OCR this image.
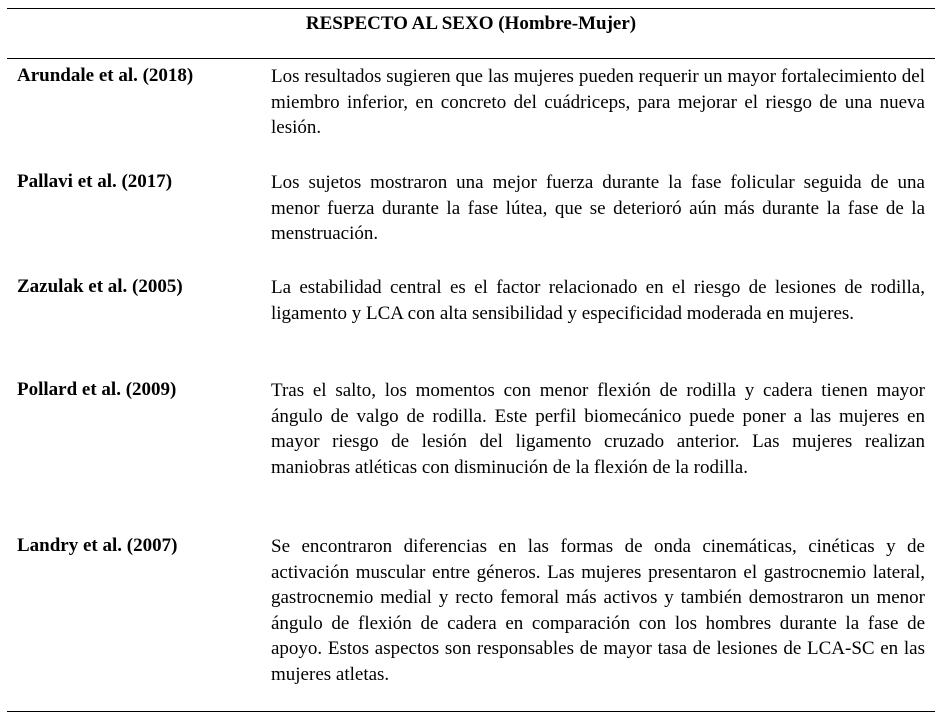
RESPECTO AL SEXO (Hombre-Mujer)
Arundale et al. (2018)	Los resultados sugieren que las mujeres pueden requerir un mayor fortalecimiento del miembro inferior, en concreto del cuádriceps, para mejorar el riesgo de una nueva lesión.

Pallavi et al. (2017)	Los sujetos mostraron una mejor fuerza durante la fase folicular seguida de una menor fuerza durante la fase lútea, que se deterioró aún más durante la fase de la menstruación.

Zazulak et al. (2005)	La estabilidad central es el factor relacionado en el riesgo de lesiones de rodilla, ligamento y LCA con alta sensibilidad y especificidad moderada en mujeres.

Pollard et al. (2009)	Tras el salto, los momentos con menor flexión de rodilla y cadera tienen mayor ángulo de valgo de rodilla. Este perfil biomecánico puede poner a las mujeres en mayor riesgo de lesión del ligamento cruzado anterior. Las mujeres realizan maniobras atléticas con disminución de la flexión de la rodilla.

Landry et al. (2007)	Se encontraron diferencias en las formas de onda cinemáticas, cinéticas y de activación muscular entre géneros. Las mujeres presentaron el gastrocnemio lateral, gastrocnemio medial y recto femoral más activos y también demostraron un menor ángulo de flexión de cadera en comparación con los hombres durante la fase de apoyo. Estos aspectos son responsables de mayor tasa de lesiones de LCA-SC en las mujeres atletas.
